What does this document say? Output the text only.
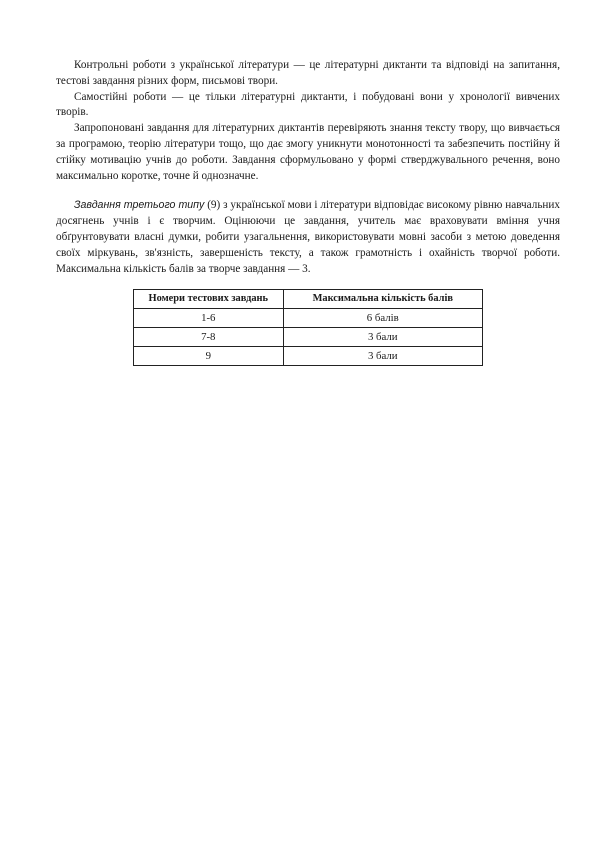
Контрольні роботи з української літератури — це літературні диктанти та відповіді на запитання, тестові завдання різних форм, письмові твори.

Самостійні роботи — це тільки літературні диктанти, і побудовані вони у хронології вивчених творів.

Запропоновані завдання для літературних диктантів перевіряють знання тексту твору, що вивчається за програмою, теорію літератури тощо, що дає змогу уникнути монотонності та забезпечить постійну й стійку мотивацію учнів до роботи. Завдання сформульовано у формі стверджувального речення, воно максимально коротке, точне й однозначне.

Завдання третього типу (9) з української мови і літератури відповідає високому рівню навчальних досягнень учнів і є творчим. Оцінюючи це завдання, учитель має враховувати вміння учня обґрунтовувати власні думки, робити узагальнення, використовувати мовні засоби з метою доведення своїх міркувань, зв'язність, завершеність тексту, а також грамотність і охайність творчої роботи. Максимальна кількість балів за творче завдання — 3.

Номери тестових завдань	Максимальна кількість балів
1-6	6 балів
7-8	3 бали
9	3 бали
